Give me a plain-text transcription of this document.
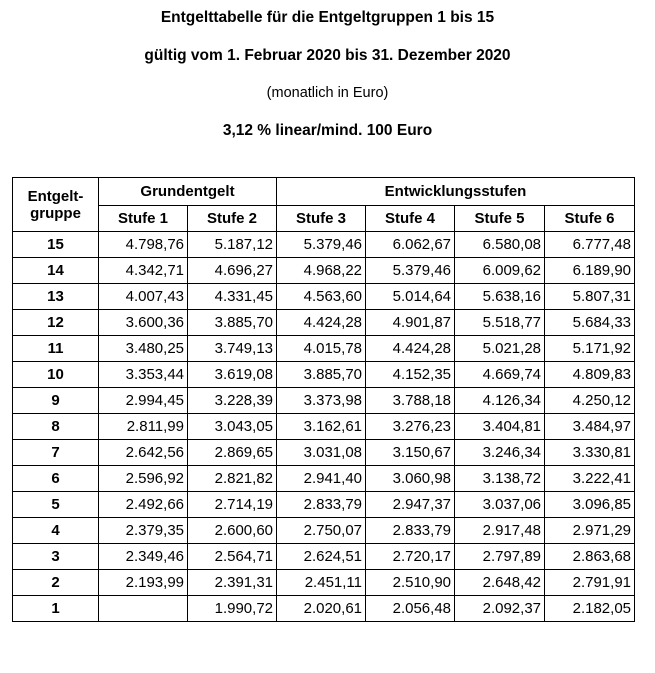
Entgelttabelle für die Entgeltgruppen 1 bis 15
gültig vom 1. Februar 2020 bis 31. Dezember 2020
(monatlich in Euro)
3,12 % linear/mind. 100 Euro
Entgelt-
gruppe	Grundentgelt		Entwicklungsstufen			
	Stufe 1	Stufe 2	Stufe 3	Stufe 4	Stufe 5	Stufe 6
15	4.798,76	5.187,12	5.379,46	6.062,67	6.580,08	6.777,48
14	4.342,71	4.696,27	4.968,22	5.379,46	6.009,62	6.189,90
13	4.007,43	4.331,45	4.563,60	5.014,64	5.638,16	5.807,31
12	3.600,36	3.885,70	4.424,28	4.901,87	5.518,77	5.684,33
11	3.480,25	3.749,13	4.015,78	4.424,28	5.021,28	5.171,92
10	3.353,44	3.619,08	3.885,70	4.152,35	4.669,74	4.809,83
9	2.994,45	3.228,39	3.373,98	3.788,18	4.126,34	4.250,12
8	2.811,99	3.043,05	3.162,61	3.276,23	3.404,81	3.484,97
7	2.642,56	2.869,65	3.031,08	3.150,67	3.246,34	3.330,81
6	2.596,92	2.821,82	2.941,40	3.060,98	3.138,72	3.222,41
5	2.492,66	2.714,19	2.833,79	2.947,37	3.037,06	3.096,85
4	2.379,35	2.600,60	2.750,07	2.833,79	2.917,48	2.971,29
3	2.349,46	2.564,71	2.624,51	2.720,17	2.797,89	2.863,68
2	2.193,99	2.391,31	2.451,11	2.510,90	2.648,42	2.791,91
1		1.990,72	2.020,61	2.056,48	2.092,37	2.182,05
